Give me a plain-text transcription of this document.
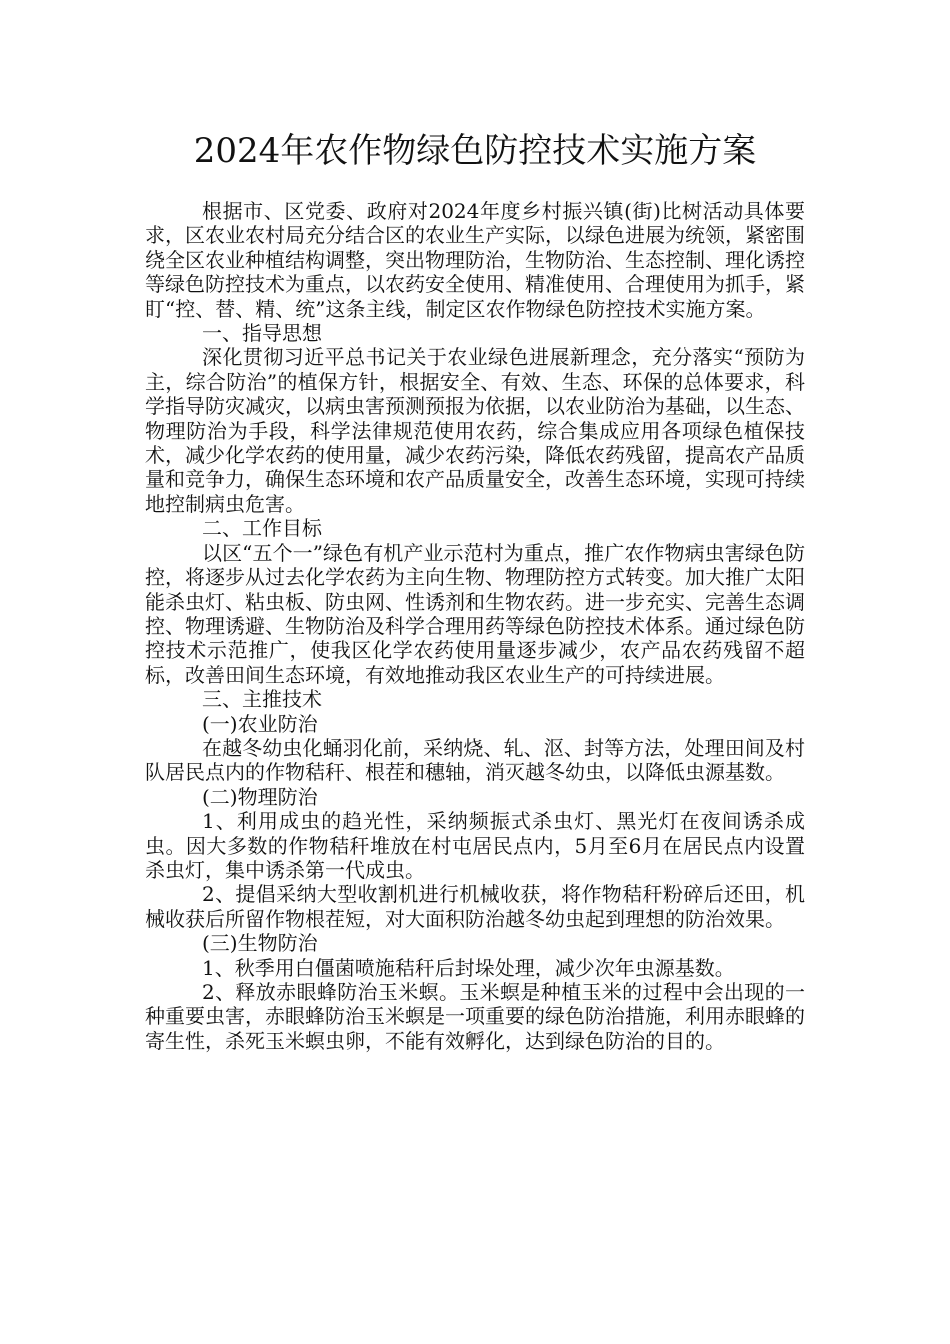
2024年农作物绿色防控技术实施方案

根据市、区党委、政府对2024年度乡村振兴镇(街)比树活动具体要求，区农业农村局充分结合区的农业生产实际，以绿色进展为统领，紧密围绕全区农业种植结构调整，突出物理防治，生物防治、生态控制、理化诱控等绿色防控技术为重点，以农药安全使用、精准使用、合理使用为抓手，紧盯“控、替、精、统”这条主线，制定区农作物绿色防控技术实施方案。

一、指导思想

深化贯彻习近平总书记关于农业绿色进展新理念，充分落实“预防为主，综合防治”的植保方针，根据安全、有效、生态、环保的总体要求，科学指导防灾减灾，以病虫害预测预报为依据，以农业防治为基础，以生态、物理防治为手段，科学法律规范使用农药，综合集成应用各项绿色植保技术，减少化学农药的使用量，减少农药污染，降低农药残留，提高农产品质量和竞争力，确保生态环境和农产品质量安全，改善生态环境，实现可持续地控制病虫危害。

二、工作目标

以区“五个一”绿色有机产业示范村为重点，推广农作物病虫害绿色防控，将逐步从过去化学农药为主向生物、物理防控方式转变。加大推广太阳能杀虫灯、粘虫板、防虫网、性诱剂和生物农药。进一步充实、完善生态调控、物理诱避、生物防治及科学合理用药等绿色防控技术体系。通过绿色防控技术示范推广，使我区化学农药使用量逐步减少，农产品农药残留不超标，改善田间生态环境，有效地推动我区农业生产的可持续进展。

三、主推技术

(一)农业防治

在越冬幼虫化蛹羽化前，采纳烧、轧、沤、封等方法，处理田间及村队居民点内的作物秸秆、根茬和穗轴，消灭越冬幼虫，以降低虫源基数。

(二)物理防治

1、利用成虫的趋光性，采纳频振式杀虫灯、黑光灯在夜间诱杀成虫。因大多数的作物秸秆堆放在村屯居民点内，5月至6月在居民点内设置杀虫灯，集中诱杀第一代成虫。

2、提倡采纳大型收割机进行机械收获，将作物秸秆粉碎后还田，机械收获后所留作物根茬短，对大面积防治越冬幼虫起到理想的防治效果。

(三)生物防治

1、秋季用白僵菌喷施秸秆后封垛处理，减少次年虫源基数。

2、释放赤眼蜂防治玉米螟。玉米螟是种植玉米的过程中会出现的一种重要虫害，赤眼蜂防治玉米螟是一项重要的绿色防治措施，利用赤眼蜂的寄生性，杀死玉米螟虫卵，不能有效孵化，达到绿色防治的目的。
